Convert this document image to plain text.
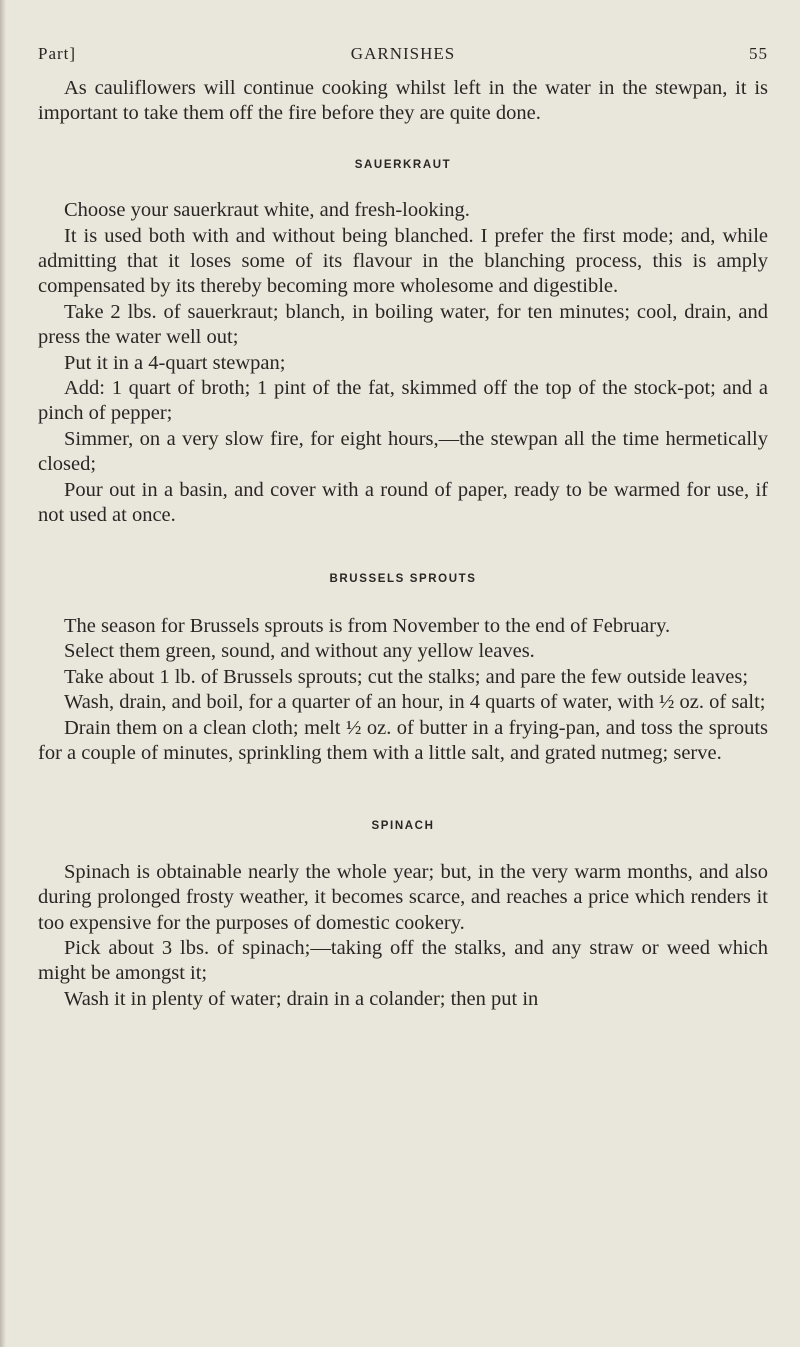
Part]	GARNISHES	55

As cauliflowers will continue cooking whilst left in the water in the stewpan, it is important to take them off the fire before they are quite done.

SAUERKRAUT

Choose your sauerkraut white, and fresh-looking.

It is used both with and without being blanched. I prefer the first mode; and, while admitting that it loses some of its flavour in the blanching process, this is amply compensated by its thereby becoming more wholesome and digestible.

Take 2 lbs. of sauerkraut; blanch, in boiling water, for ten minutes; cool, drain, and press the water well out;

Put it in a 4-quart stewpan;

Add: 1 quart of broth; 1 pint of the fat, skimmed off the top of the stock-pot; and a pinch of pepper;

Simmer, on a very slow fire, for eight hours,—the stewpan all the time hermetically closed;

Pour out in a basin, and cover with a round of paper, ready to be warmed for use, if not used at once.

BRUSSELS SPROUTS

The season for Brussels sprouts is from November to the end of February.

Select them green, sound, and without any yellow leaves.

Take about 1 lb. of Brussels sprouts; cut the stalks; and pare the few outside leaves;

Wash, drain, and boil, for a quarter of an hour, in 4 quarts of water, with ½ oz. of salt;

Drain them on a clean cloth; melt ½ oz. of butter in a frying-pan, and toss the sprouts for a couple of minutes, sprinkling them with a little salt, and grated nutmeg; serve.

SPINACH

Spinach is obtainable nearly the whole year; but, in the very warm months, and also during prolonged frosty weather, it becomes scarce, and reaches a price which renders it too expensive for the purposes of domestic cookery.

Pick about 3 lbs. of spinach;—taking off the stalks, and any straw or weed which might be amongst it;

Wash it in plenty of water; drain in a colander; then put in
